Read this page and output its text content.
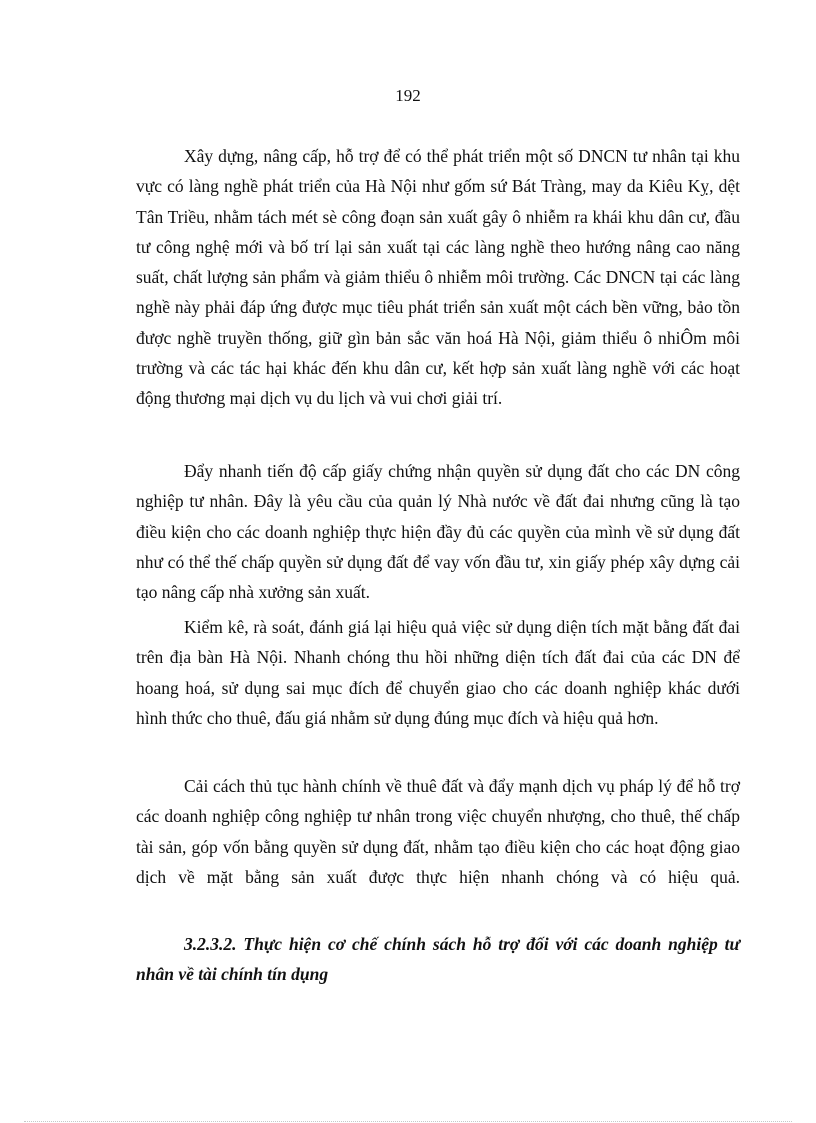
192

Xây dựng, nâng cấp, hỗ trợ để có thể phát triển một số DNCN tư nhân tại khu vực có làng nghề phát triển của Hà Nội như gốm sứ Bát Tràng, may da Kiêu Kỵ, dệt Tân Triều, nhằm tách mét sè công đoạn sản xuất gây ô nhiễm ra khái khu dân cư, đầu tư công nghệ mới và bố trí lại sản xuất tại các làng nghề theo hướng nâng cao năng suất, chất lượng sản phẩm và giảm thiểu ô nhiễm môi trường. Các DNCN tại các làng nghề này phải đáp ứng được mục tiêu phát triển sản xuất một cách bền vững, bảo tồn được nghề truyền thống, giữ gìn bản sắc văn hoá Hà Nội, giảm thiểu ô nhiÔm môi trường và các tác hại khác đến khu dân cư, kết hợp sản xuất làng nghề với các hoạt động thương mại dịch vụ du lịch và vui chơi giải trí.

Đẩy nhanh tiến độ cấp giấy chứng nhận quyền sử dụng đất cho các DN công nghiệp tư nhân. Đây là yêu cầu của quản lý Nhà nước về đất đai nhưng cũng là tạo điều kiện cho các doanh nghiệp thực hiện đầy đủ các quyền của mình về sử dụng đất như có thể thế chấp quyền sử dụng đất để vay vốn đầu tư, xin giấy phép xây dựng cải tạo nâng cấp nhà xưởng sản xuất.

Kiểm kê, rà soát, đánh giá lại hiệu quả việc sử dụng diện tích mặt bằng đất đai trên địa bàn Hà Nội. Nhanh chóng thu hồi những diện tích đất đai của các DN để hoang hoá, sử dụng sai mục đích để chuyển giao cho các doanh nghiệp khác dưới hình thức cho thuê, đấu giá nhằm sử dụng đúng mục đích và hiệu quả hơn.

Cải cách thủ tục hành chính về thuê đất và đẩy mạnh dịch vụ pháp lý để hỗ trợ các doanh nghiệp công nghiệp tư nhân trong việc chuyển nhượng, cho thuê, thế chấp tài sản, góp vốn bằng quyền sử dụng đất, nhằm tạo điều kiện cho các hoạt động giao dịch về mặt bằng sản xuất được thực hiện nhanh chóng và có hiệu quả.

3.2.3.2. Thực hiện cơ chế chính sách hỗ trợ đối với các doanh nghiệp tư nhân về tài chính tín dụng
